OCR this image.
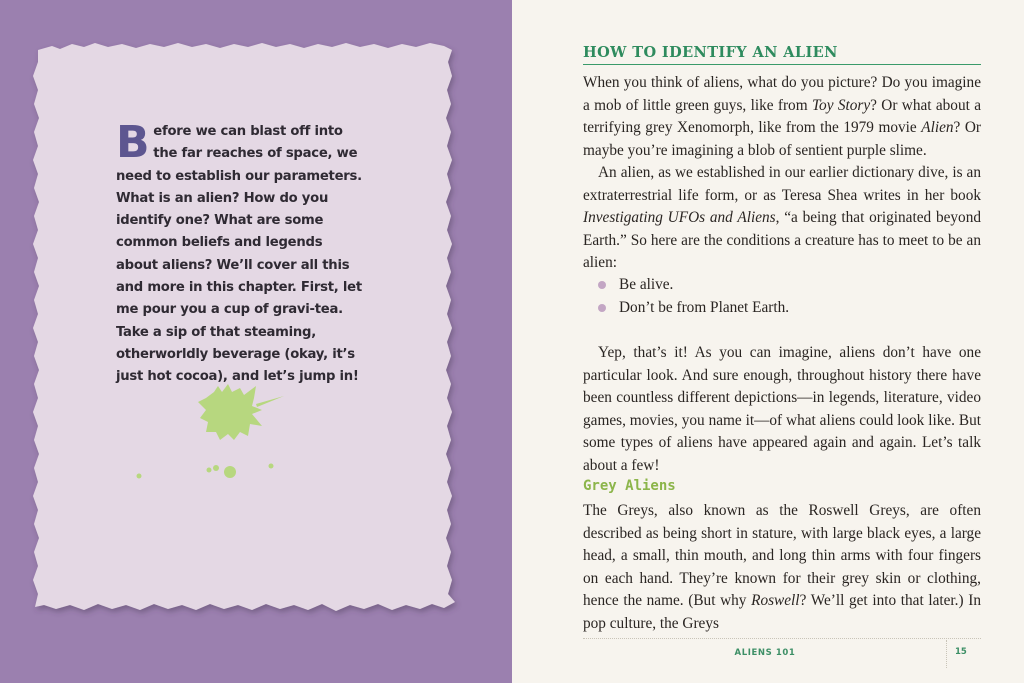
Before we can blast off into the far reaches of space, we need to establish our parameters. What is an alien? How do you identify one? What are some common beliefs and legends about aliens? We’ll cover all this and more in this chapter. First, let me pour you a cup of gravi-tea. Take a sip of that steaming, otherworldly beverage (okay, it’s just hot cocoa), and let’s jump in!
HOW TO IDENTIFY AN ALIEN

When you think of aliens, what do you picture? Do you imagine a mob of little green guys, like from Toy Story? Or what about a terrifying grey Xenomorph, like from the 1979 movie Alien? Or maybe you’re imagining a blob of sentient purple slime.

An alien, as we established in our earlier dictionary dive, is an extraterrestrial life form, or as Teresa Shea writes in her book Investigating UFOs and Aliens, “a being that originated beyond Earth.” So here are the conditions a creature has to meet to be an alien:

Be alive.
Don’t be from Planet Earth.

Yep, that’s it! As you can imagine, aliens don’t have one particular look. And sure enough, throughout history there have been countless different depictions—in legends, literature, video games, movies, you name it—of what aliens could look like. But some types of aliens have appeared again and again. Let’s talk about a few!

Grey Aliens

The Greys, also known as the Roswell Greys, are often described as being short in stature, with large black eyes, a large head, a small, thin mouth, and long thin arms with four fingers on each hand. They’re known for their grey skin or clothing, hence the name. (But why Roswell? We’ll get into that later.) In pop culture, the Greys

ALIENS 101	15
